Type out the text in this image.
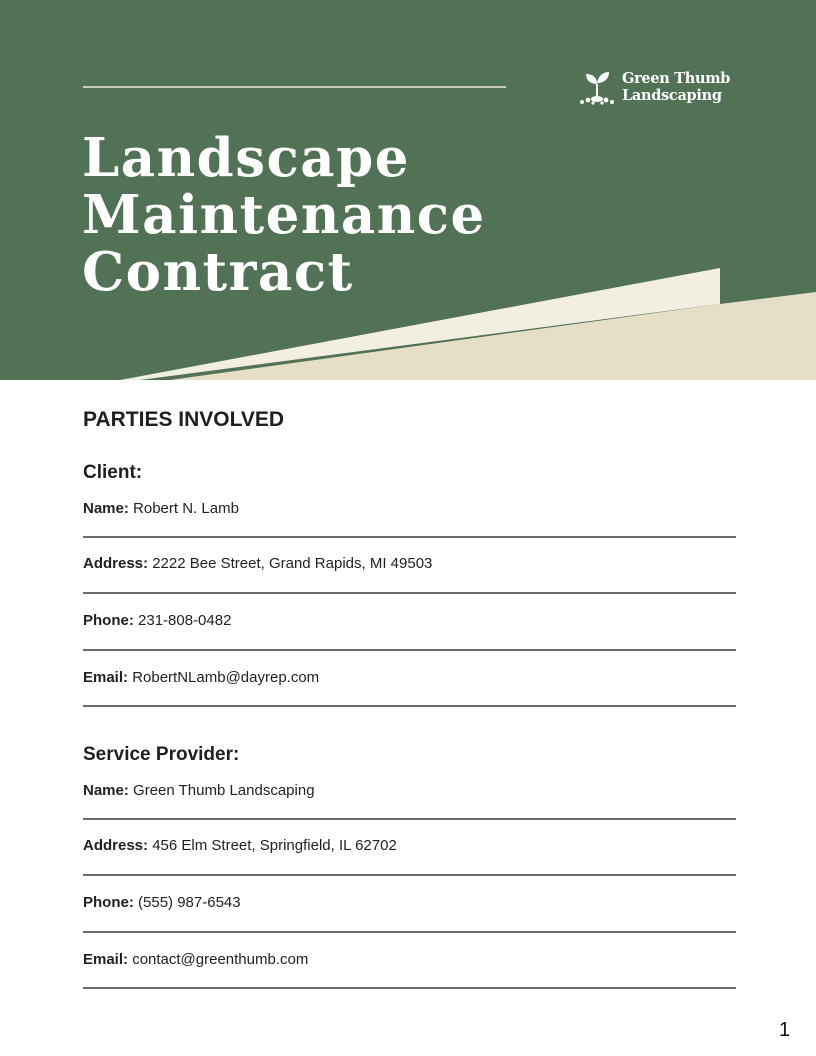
Green Thumb
Landscaping
Landscape
Maintenance
Contract
PARTIES INVOLVED
Client:
Name: Robert N. Lamb
Address: 2222 Bee Street, Grand Rapids, MI 49503
Phone: 231-808-0482
Email: RobertNLamb@dayrep.com
Service Provider:
Name: Green Thumb Landscaping
Address: 456 Elm Street, Springfield, IL 62702
Phone: (555) 987-6543
Email: contact@greenthumb.com
1
